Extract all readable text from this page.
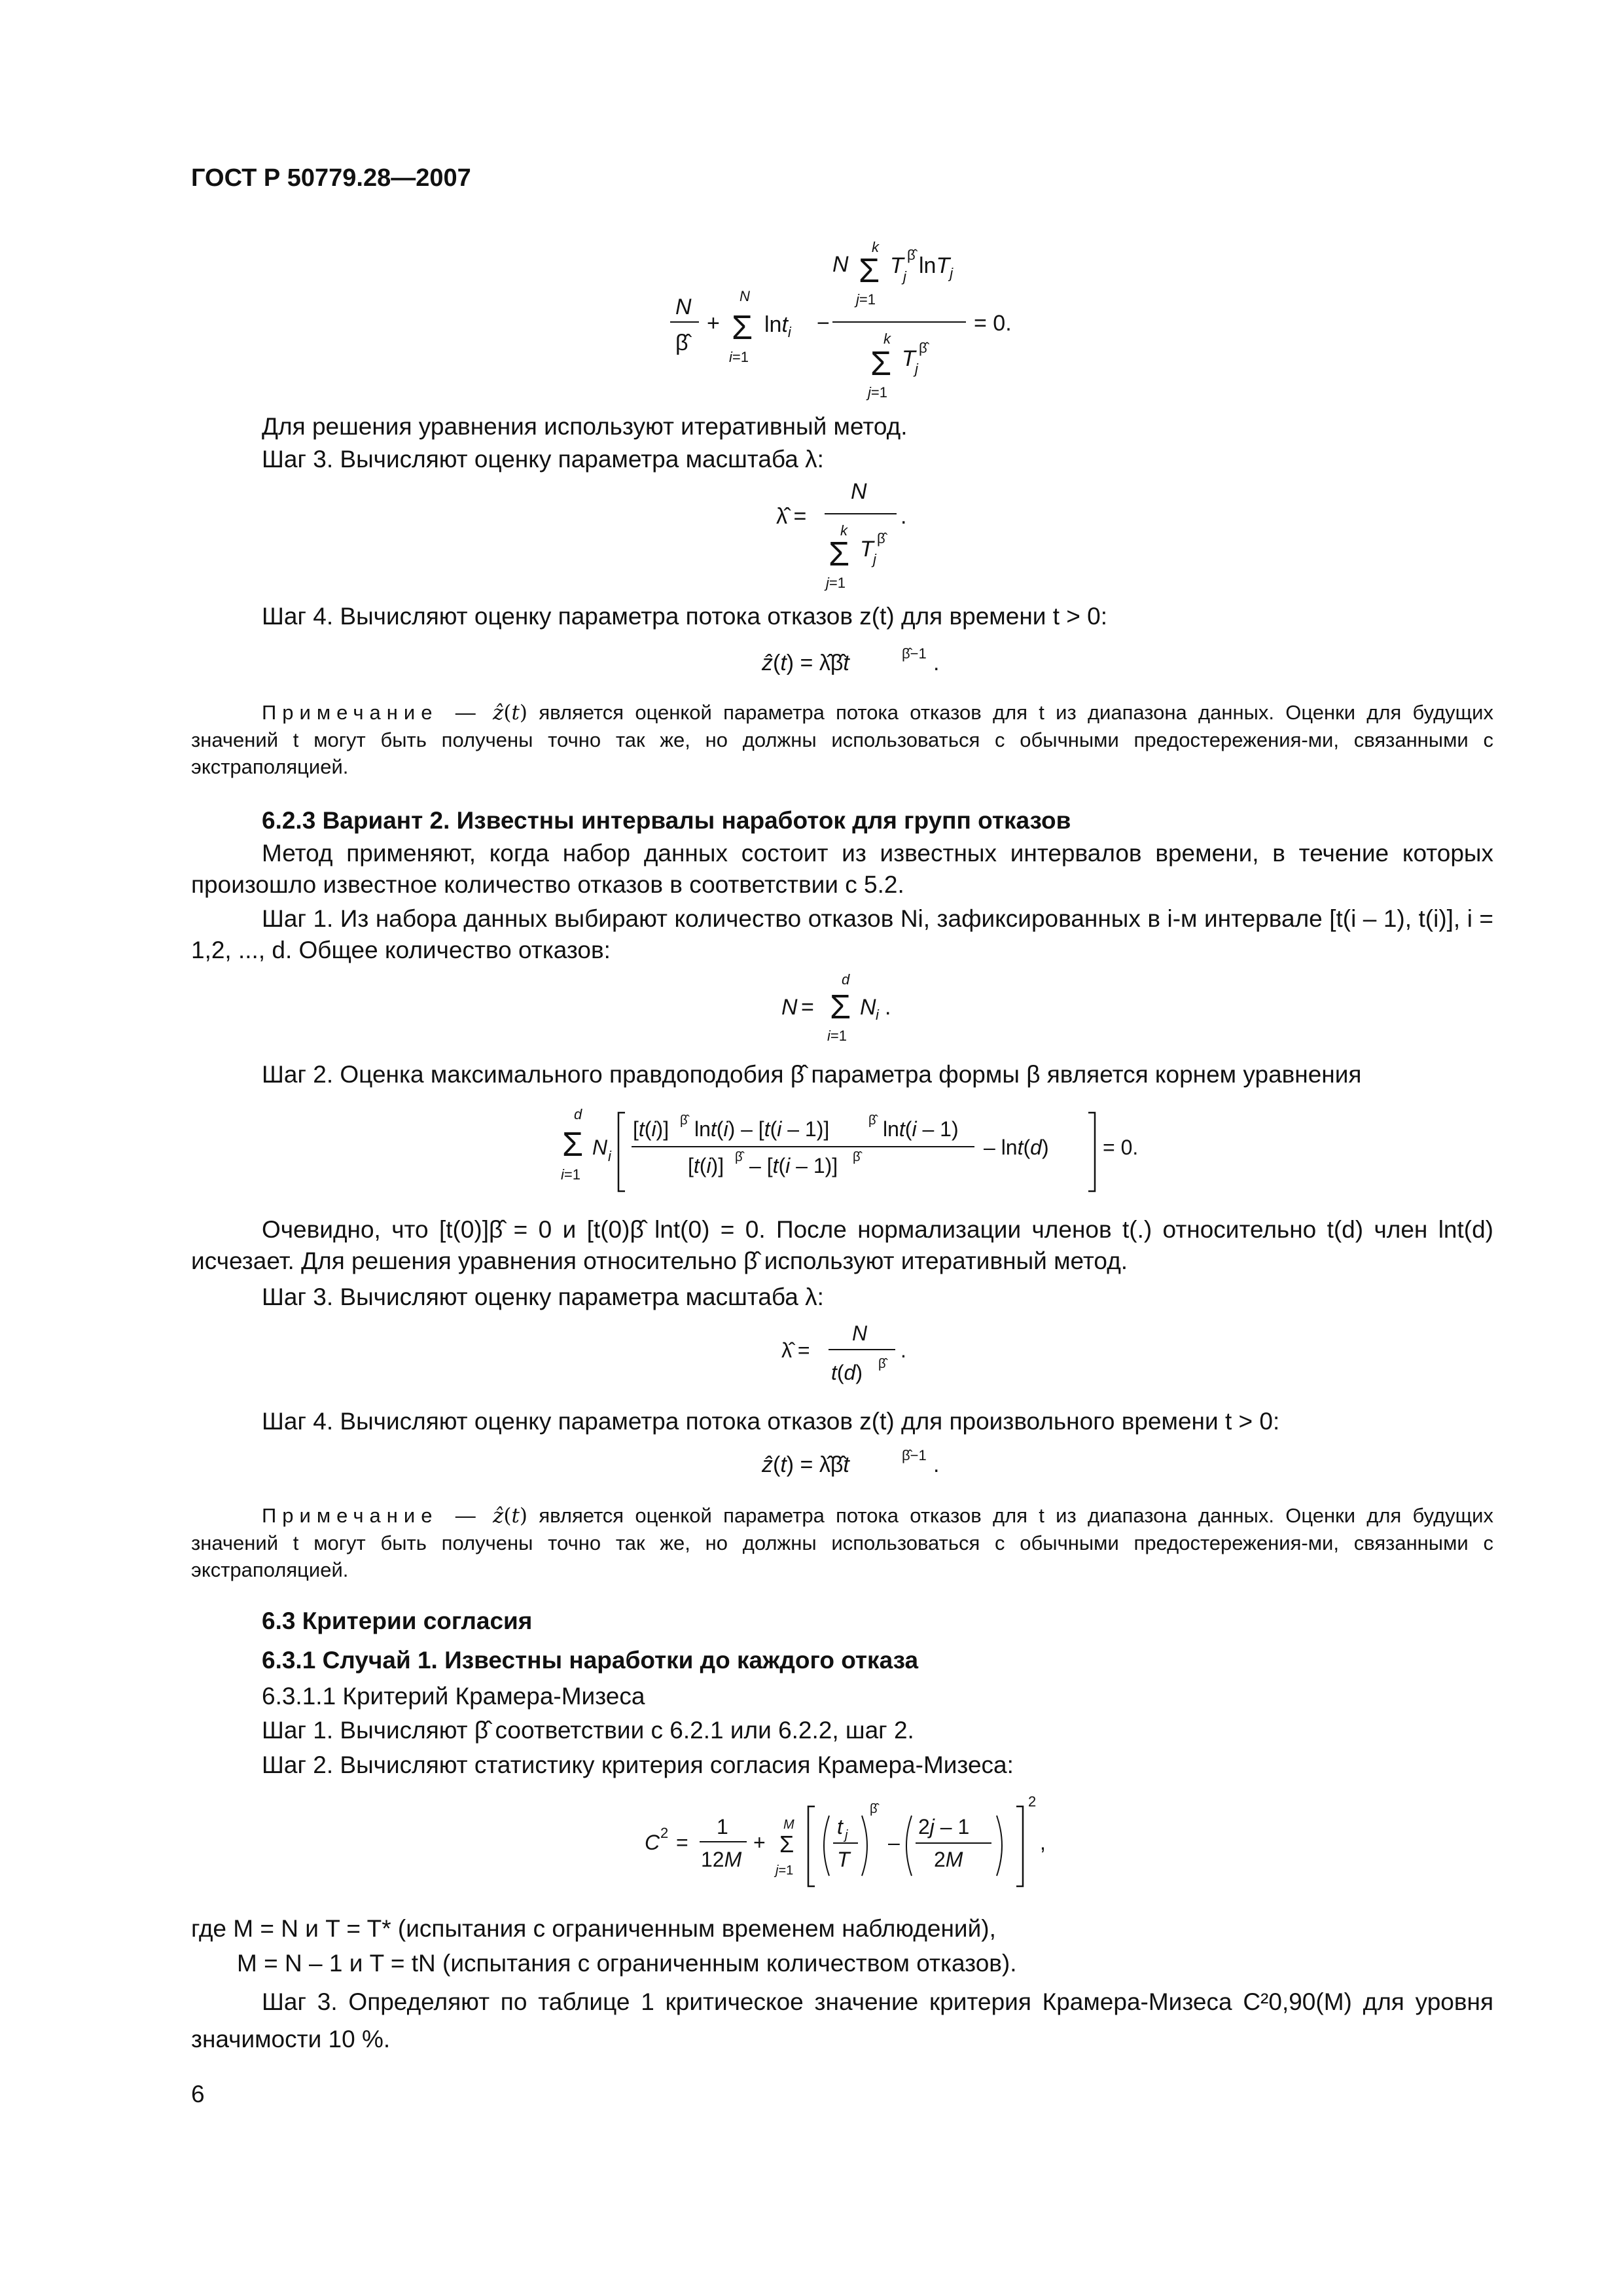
ГОСТ Р 50779.28—2007
N
β̂
+
N
Σ
i=1
lnt$_i$ −
N
k
Σ
j=1
T j
β̂ lnT$_j$
k
Σ
j=1
T j
β̂
= 0.
Для решения уравнения используют итеративный метод.
Шаг 3. Вычисляют оценку параметра масштаба λ:
λ̂ =
N
k
Σ
j=1
T j
β̂
.
Шаг 4. Вычисляют оценку параметра потока отказов z(t) для времени t > 0:
ẑ(t) = λ̂β̂t	β̂−1 .
Примечание — ẑ(t) является оценкой параметра потока отказов для t из диапазона данных. Оценки для будущих значений t могут быть получены точно так же, но должны использоваться с обычными предостережения-ми, связанными с экстраполяцией.
6.2.3 Вариант 2. Известны интервалы наработок для групп отказов
Метод применяют, когда набор данных состоит из известных интервалов времени, в течение которых произошло известное количество отказов в соответствии с 5.2.
Шаг 1. Из набора данных выбирают количество отказов Ni, зафиксированных в i-м интервале [t(i – 1), t(i)], i = 1,2, ..., d. Общее количество отказов:
N =
d
Σ
i=1
N i .
Шаг 2. Оценка максимального правдоподобия β̂ параметра формы β является корнем уравнения
d
Σ
i=1
N i
[t(i)] β̂ lnt(i) – [t(i – 1)]	β̂ lnt(i – 1)
[t(i)] β̂ – [t(i – 1)] β̂	– lnt(d)	= 0.
Очевидно, что [t(0)]β̂ = 0 и [t(0)β̂ lnt(0) = 0. После нормализации членов t(.) относительно t(d) член lnt(d) исчезает. Для решения уравнения относительно β̂ используют итеративный метод.
Шаг 3. Вычисляют оценку параметра масштаба λ:
λ̂ =
N
t(d) β̂
.
Шаг 4. Вычисляют оценку параметра потока отказов z(t) для произвольного времени t > 0:
ẑ(t) = λ̂β̂t	β̂−1 .
Примечание — ẑ(t) является оценкой параметра потока отказов для t из диапазона данных. Оценки для будущих значений t могут быть получены точно так же, но должны использоваться с обычными предостережения-ми, связанными с экстраполяцией.
6.3 Критерии согласия
6.3.1 Случай 1. Известны наработки до каждого отказа
6.3.1.1 Критерий Крамера-Мизеса
Шаг 1. Вычисляют β̂ соответствии с 6.2.1 или 6.2.2, шаг 2.
Шаг 2. Вычисляют статистику критерия согласия Крамера-Мизеса:
C 2 =
1
12M
+
M
Σ
j=1
t j
T
β̂
–
2j – 1
2M
2
,
где M = N и T = T* (испытания с ограниченным временем наблюдений),
M = N – 1 и T = tN (испытания с ограниченным количеством отказов).
Шаг 3. Определяют по таблице 1 критическое значение критерия Крамера-Мизеса C²0,90(M) для уровня значимости 10 %.
6
